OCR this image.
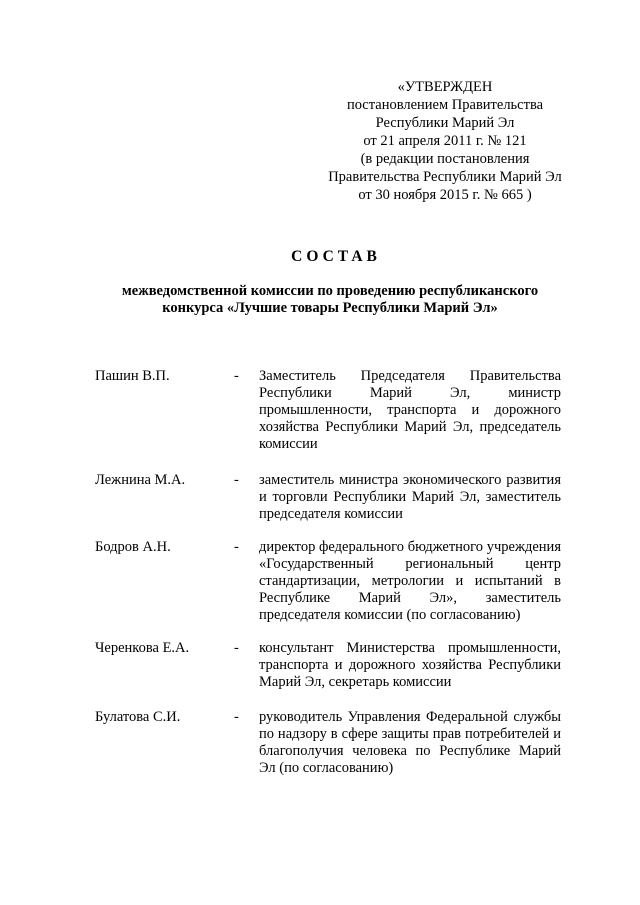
«УТВЕРЖДЕН
постановлением Правительства
Республики Марий Эл
от 21 апреля 2011 г. № 121
(в редакции постановления
Правительства Республики Марий Эл
от 30 ноября 2015 г. № 665 )
СОСТАВ
межведомственной комиссии по проведению республиканского
конкурса «Лучшие товары Республики Марий Эл»
Пашин В.П.	- Заместитель Председателя Правительства Республики Марий Эл, министр промышленности, транспорта и дорожного хозяйства Республики Марий Эл, председатель комиссии
Лежнина М.А.	- заместитель министра экономического развития и торговли Республики Марий Эл, заместитель председателя комиссии
Бодров А.Н.	- директор федерального бюджетного учреждения «Государственный региональный центр стандартизации, метрологии и испытаний в Республике Марий Эл», заместитель председателя комиссии (по согласованию)
Черенкова Е.А.	- консультант Министерства промышленности, транспорта и дорожного хозяйства Республики Марий Эл, секретарь комиссии
Булатова С.И.	- руководитель Управления Федеральной службы по надзору в сфере защиты прав потребителей и благополучия человека по Республике Марий Эл (по согласованию)
